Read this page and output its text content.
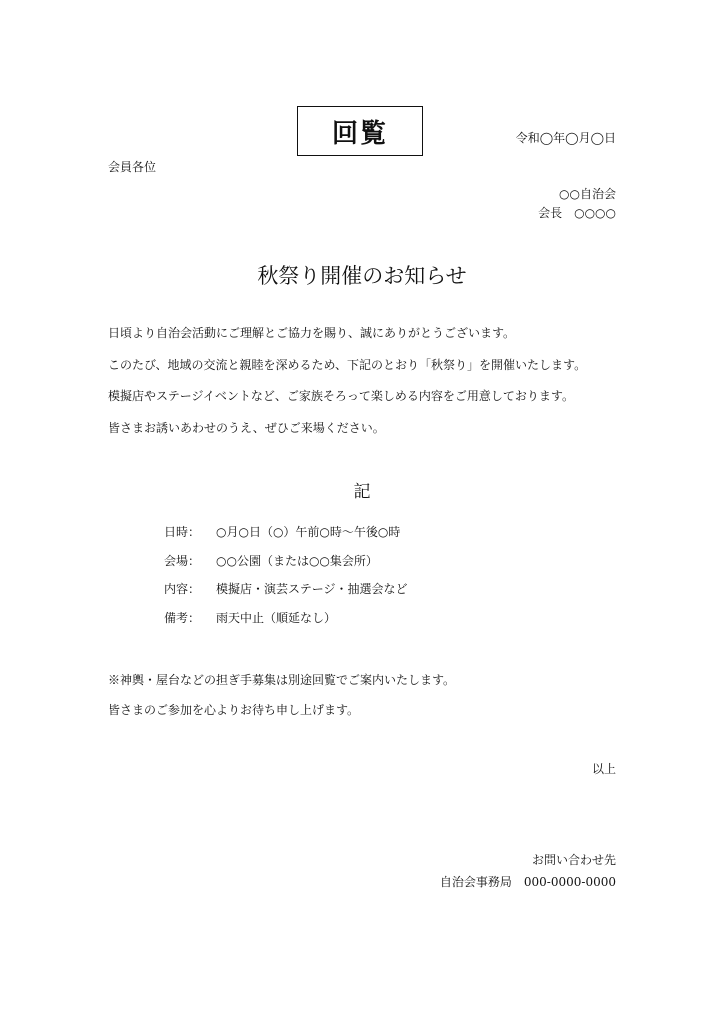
回覧	令和◯年◯月◯日
会員各位
○○自治会
会長　○○○○
秋祭り開催のお知らせ
日頃より自治会活動にご理解とご協力を賜り、誠にありがとうございます。
このたび、地域の交流と親睦を深めるため、下記のとおり「秋祭り」を開催いたします。
模擬店やステージイベントなど、ご家族そろって楽しめる内容をご用意しております。
皆さまお誘いあわせのうえ、ぜひご来場ください。
記
日時：	○月○日（○）午前○時～午後○時
会場：	○○公園（または○○集会所）
内容：	模擬店・演芸ステージ・抽選会など
備考：	雨天中止（順延なし）
※神輿・屋台などの担ぎ手募集は別途回覧でご案内いたします。
皆さまのご参加を心よりお待ち申し上げます。
以上
お問い合わせ先
自治会事務局　000-0000-0000
